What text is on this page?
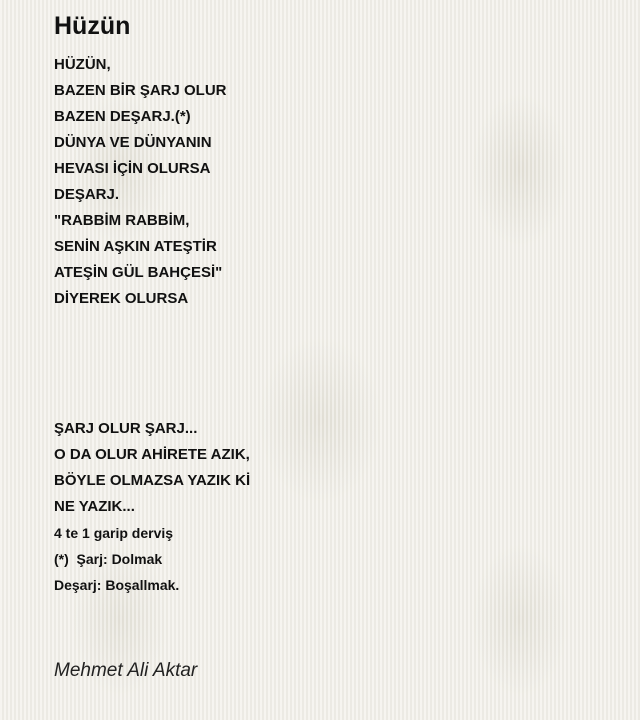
Hüzün
HÜZÜN,
BAZEN BİR ŞARJ OLUR
BAZEN DEŞARJ.(*)
DÜNYA VE DÜNYANIN
HEVASI İÇİN OLURSA
DEŞARJ.
"RABBİM RABBİM,
SENİN AŞKIN ATEŞTİR
ATEŞİN GÜL BAHÇESİ"
DİYEREK OLURSA
ŞARJ OLUR ŞARJ...
O DA OLUR AHİRETE AZIK,
BÖYLE OLMAZSA YAZIK Kİ
NE YAZIK...
4 te 1 garip derviş
(*)  Şarj: Dolmak
Deşarj: Boşallmak.
Mehmet Ali Aktar
